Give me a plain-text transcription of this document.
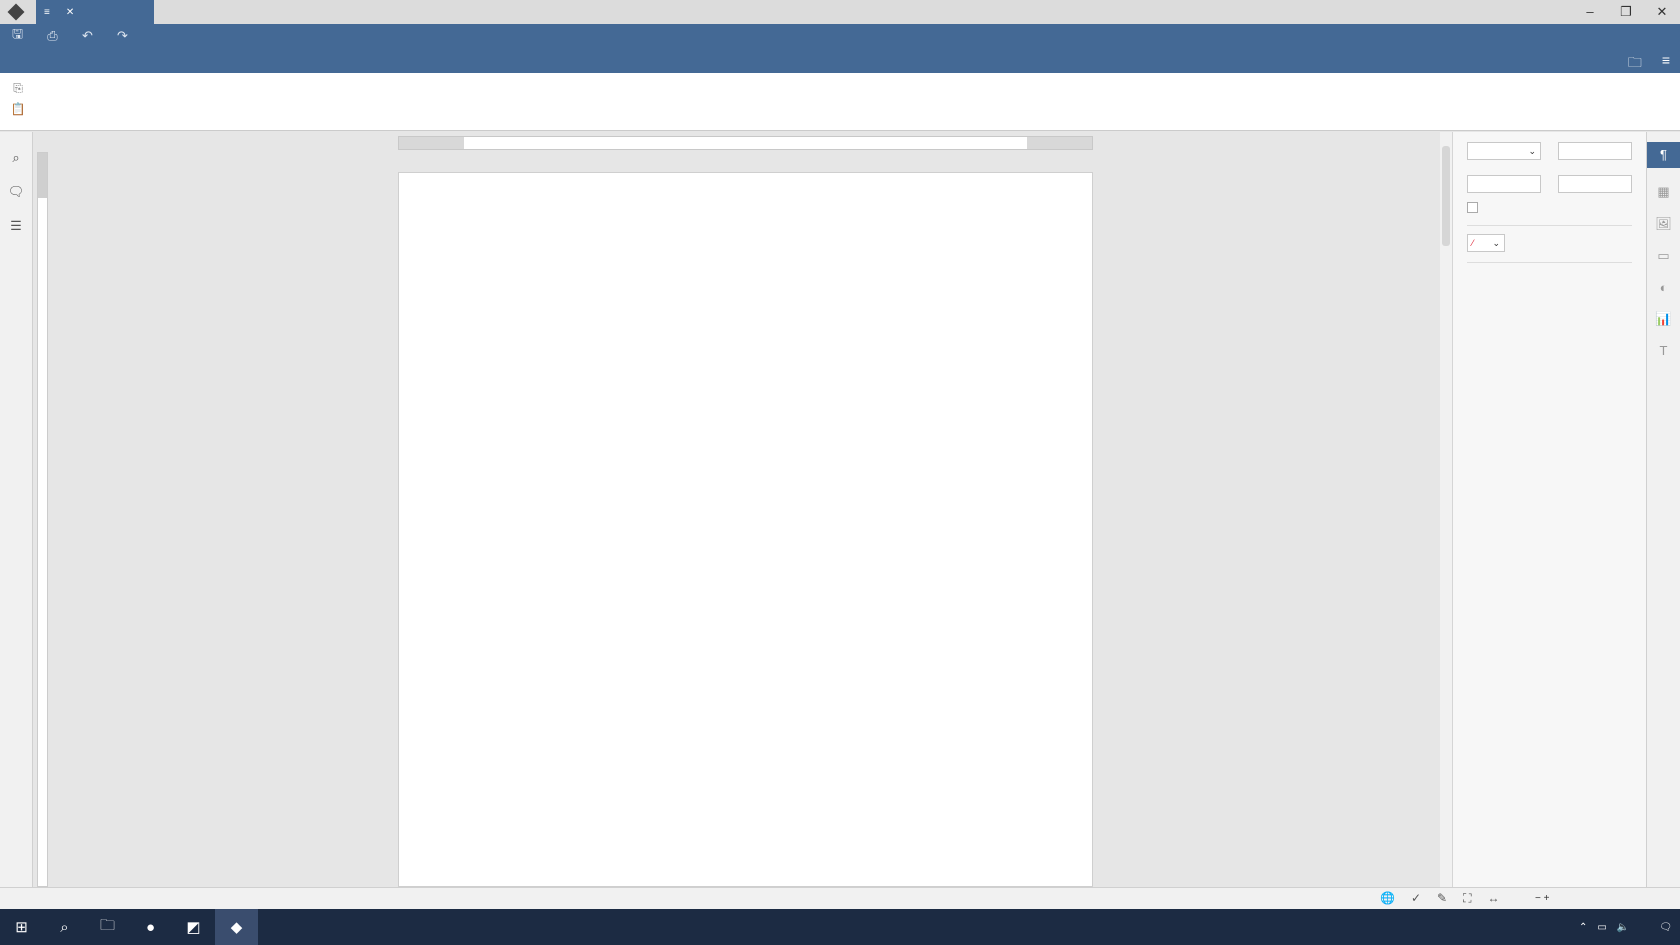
≡ ✕	–	❐	✕
🖫	⎙	↶	↷
🗀 ≡
⎘
📋
⌕
🗨
☰
⌄
⁄ ⌄
¶
▦
🖼
▭
◐
📊
T
🌐 ✓ ✎ ⛶ ↔	− +
⊞	⌕	🗀	●	◩	◆	⌃ ▭ 🔈	🗨
